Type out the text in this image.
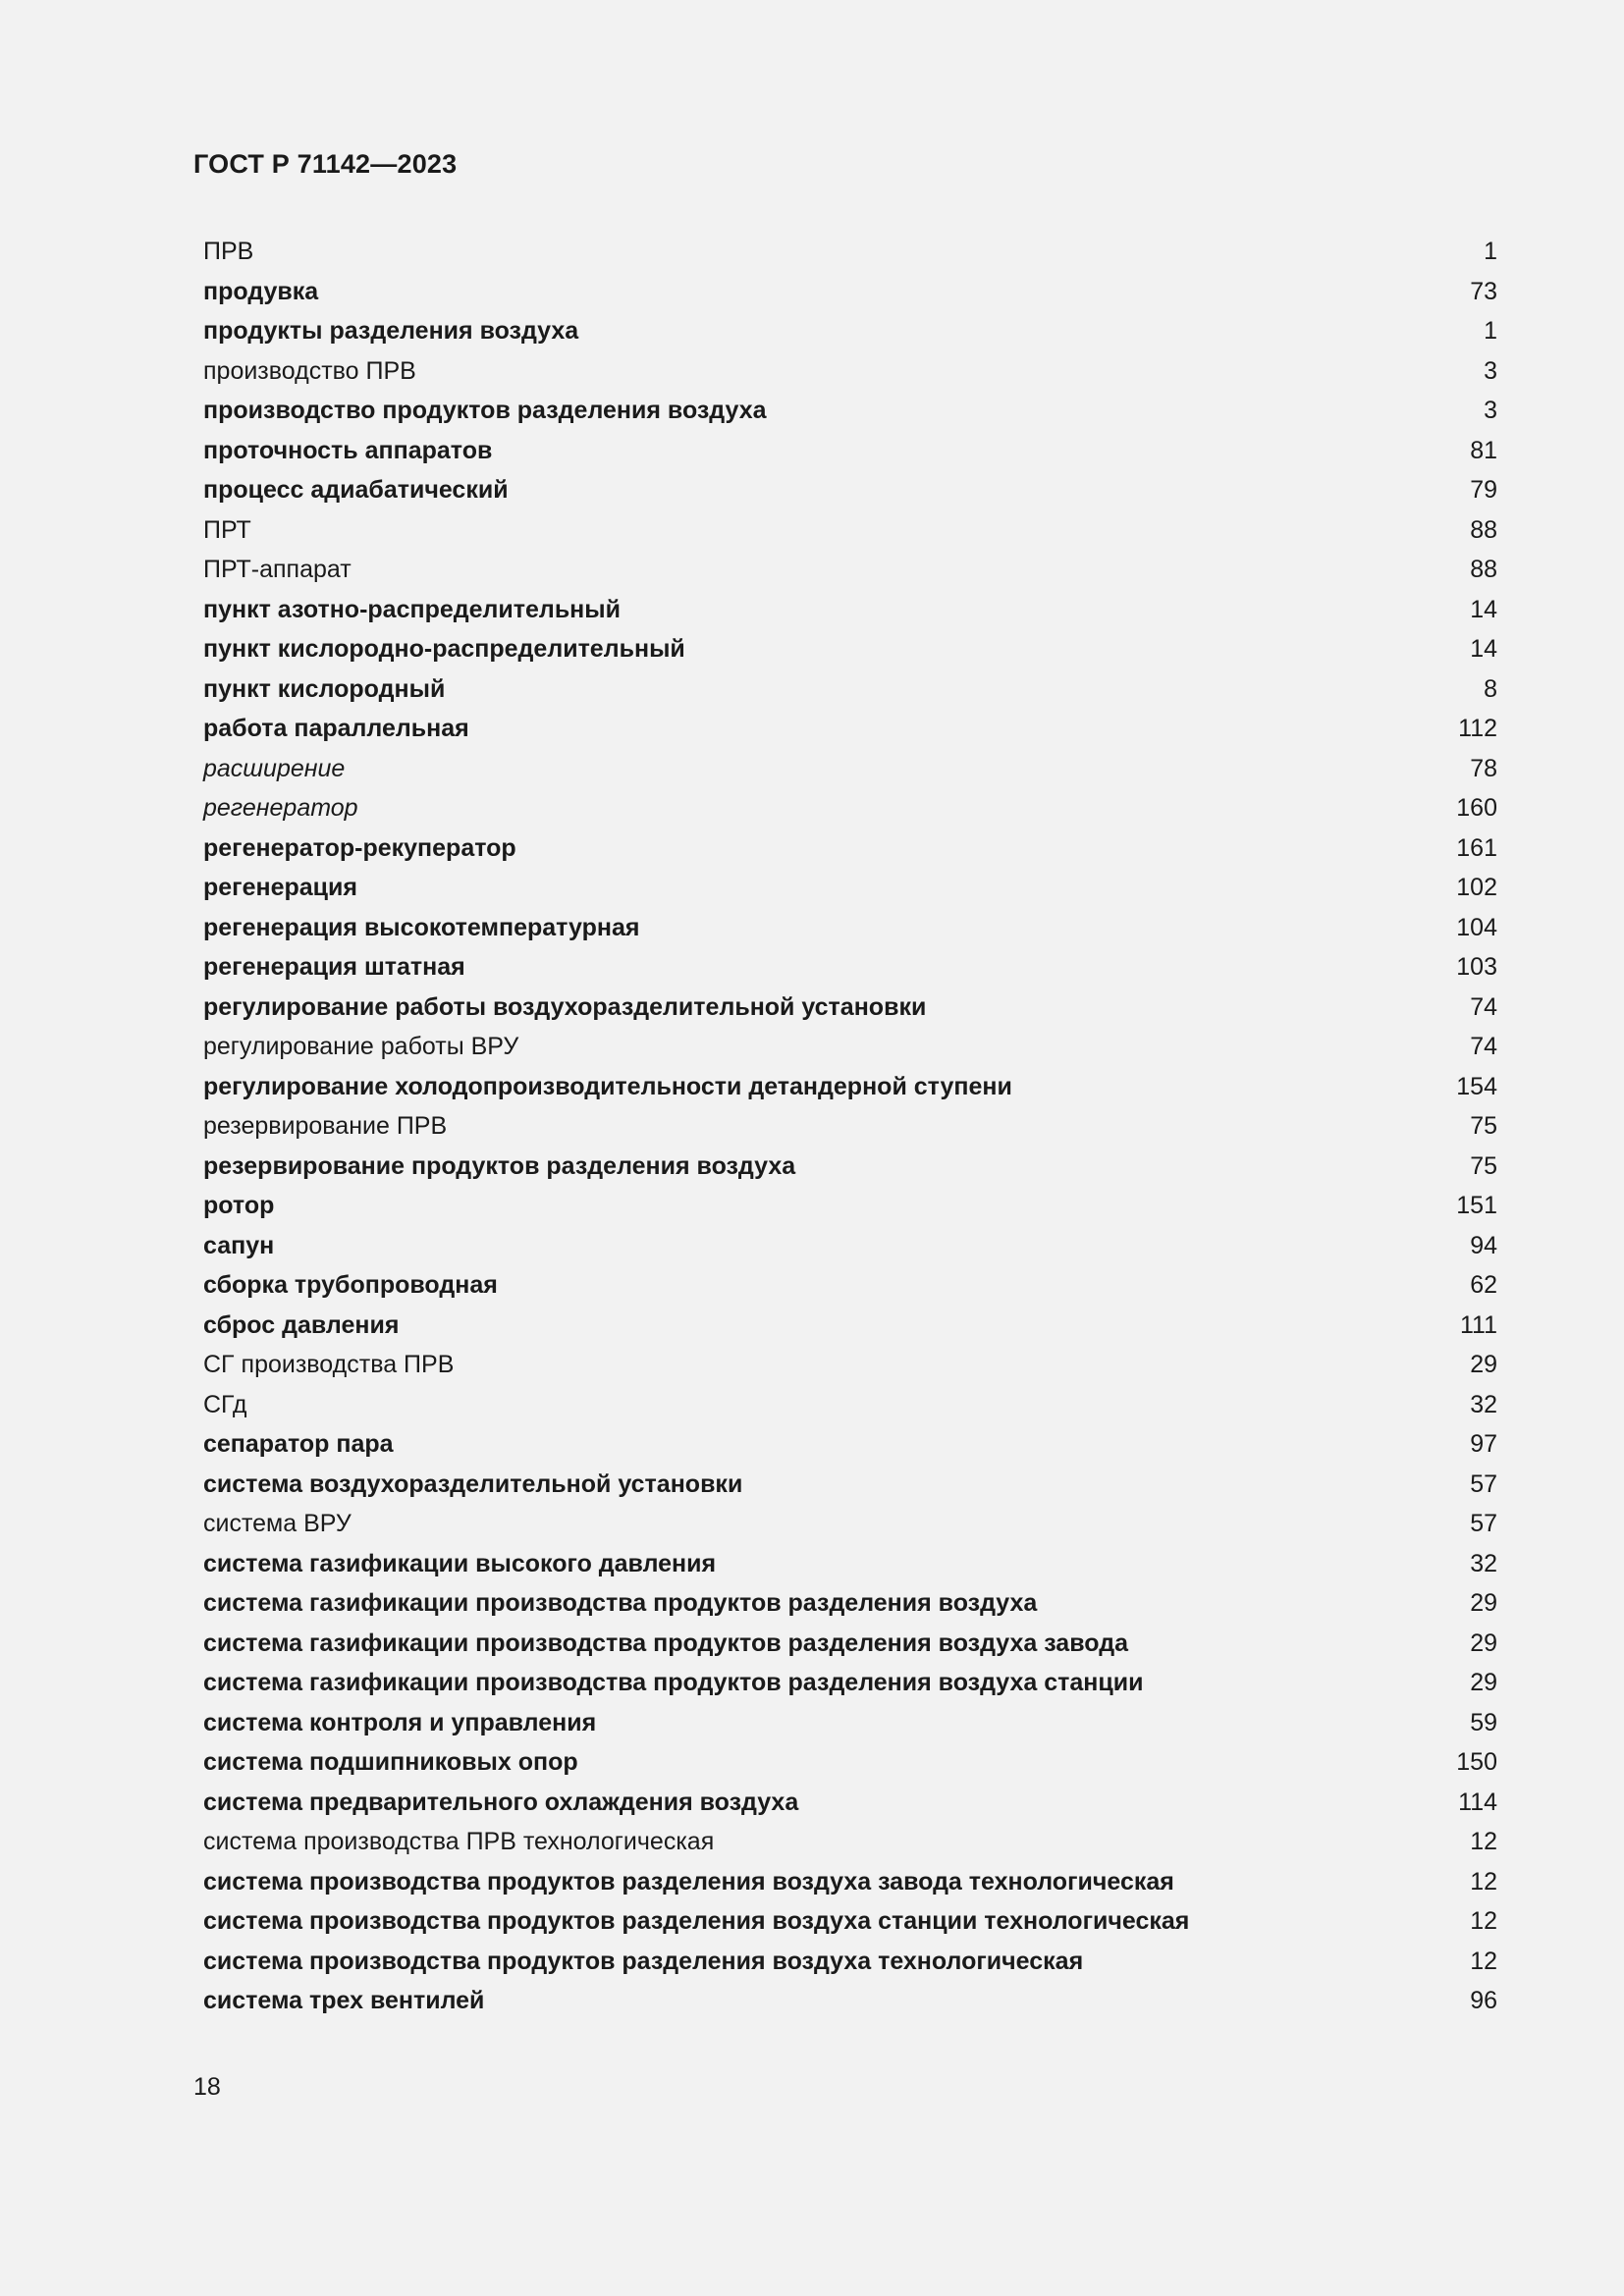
ГОСТ Р 71142—2023
ПРВ	1
продувка	73
продукты разделения воздуха	1
производство ПРВ	3
производство продуктов разделения воздуха	3
проточность аппаратов	81
процесс адиабатический	79
ПРТ	88
ПРТ-аппарат	88
пункт азотно-распределительный	14
пункт кислородно-распределительный	14
пункт кислородный	8
работа параллельная	112
расширение	78
регенератор	160
регенератор-рекуператор	161
регенерация	102
регенерация высокотемпературная	104
регенерация штатная	103
регулирование работы воздухоразделительной установки	74
регулирование работы ВРУ	74
регулирование холодопроизводительности детандерной ступени	154
резервирование ПРВ	75
резервирование продуктов разделения воздуха	75
ротор	151
сапун	94
сборка трубопроводная	62
сброс давления	111
СГ производства ПРВ	29
СГд	32
сепаратор пара	97
система воздухоразделительной установки	57
система ВРУ	57
система газификации высокого давления	32
система газификации производства продуктов разделения воздуха	29
система газификации производства продуктов разделения воздуха завода	29
система газификации производства продуктов разделения воздуха станции	29
система контроля и управления	59
система подшипниковых опор	150
система предварительного охлаждения воздуха	114
система производства ПРВ технологическая	12
система производства продуктов разделения воздуха завода технологическая	12
система производства продуктов разделения воздуха станции технологическая	12
система производства продуктов разделения воздуха технологическая	12
система трех вентилей	96
18
